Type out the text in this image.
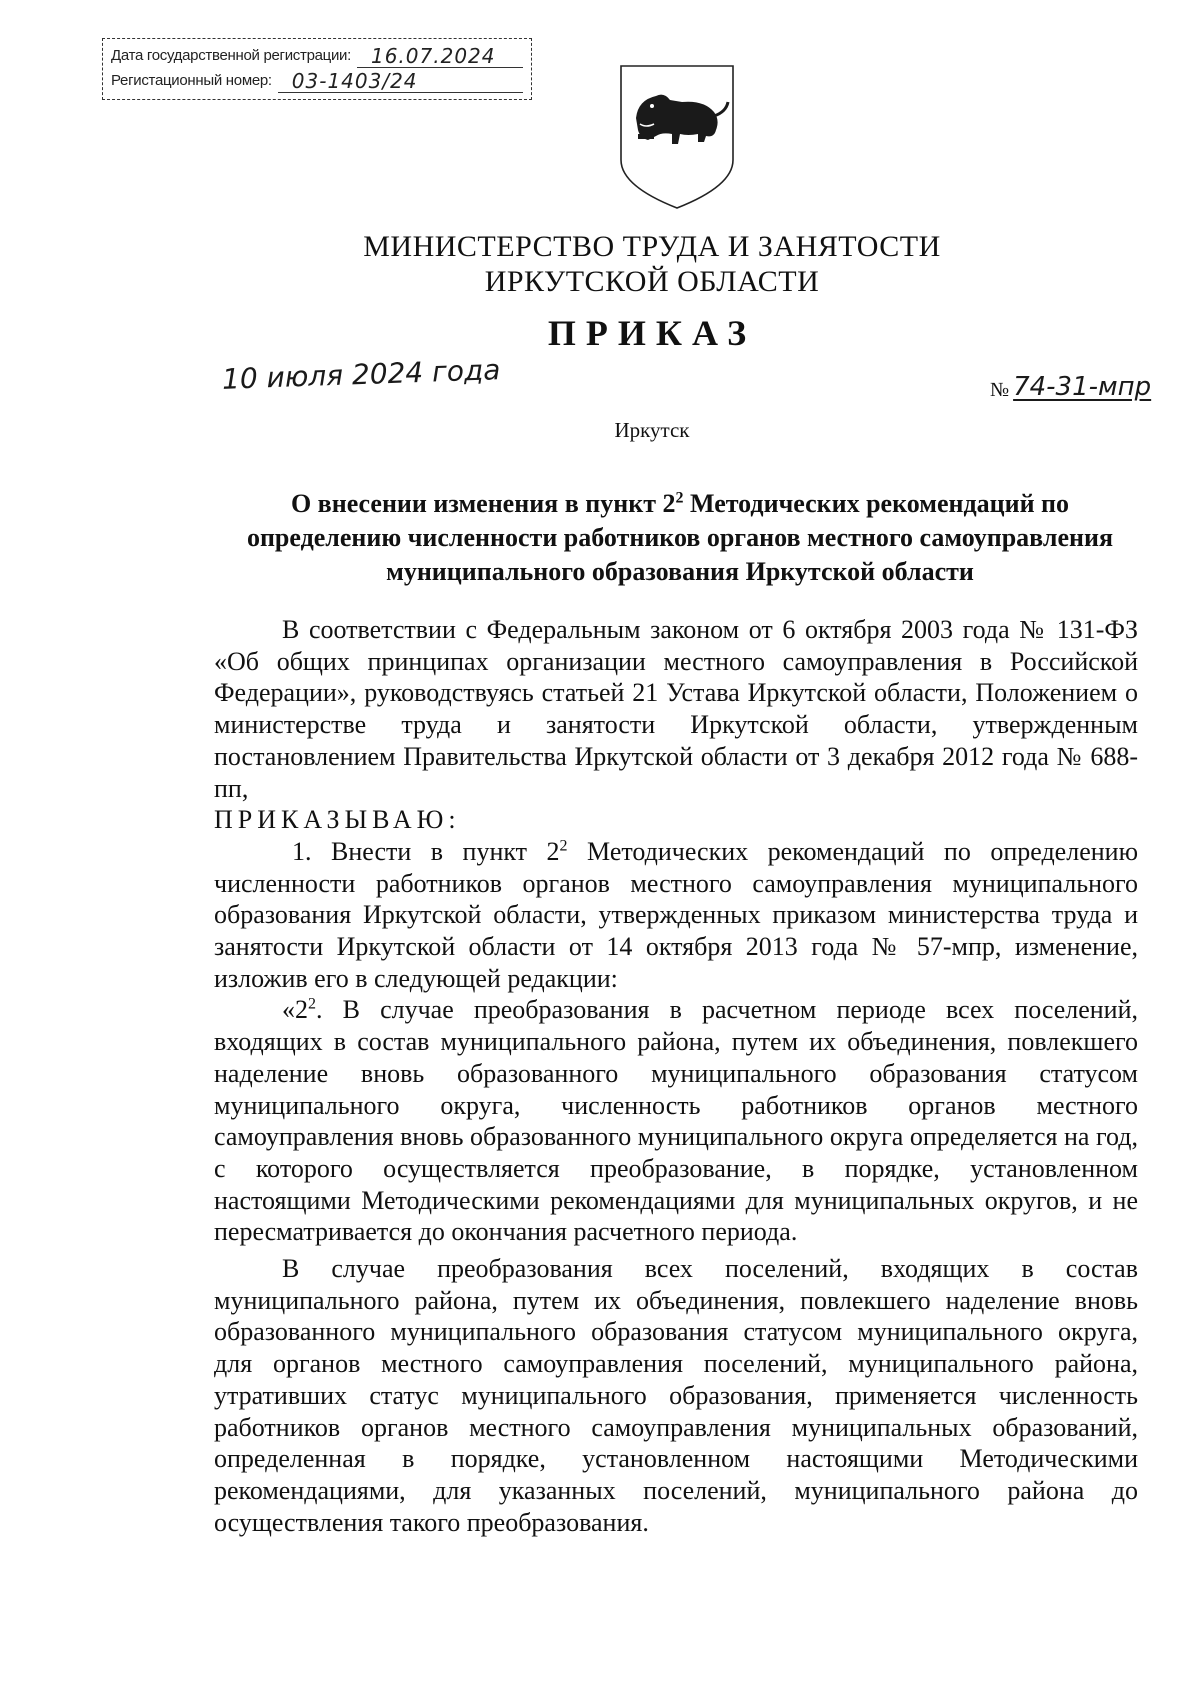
Дата государственной регистрации:	16.07.2024
Регистационный номер:	03-1403/24
МИНИСТЕРСТВО ТРУДА И ЗАНЯТОСТИ
ИРКУТСКОЙ ОБЛАСТИ
ПРИКАЗ
10 июля 2024 года	№ 74-31-мпр
Иркутск
О внесении изменения в пункт $2^2$ Методических рекомендаций по определению численности работников органов местного самоуправления муниципального образования Иркутской области

В соответствии с Федеральным законом от 6 октября 2003 года № 131-ФЗ «Об общих принципах организации местного самоуправления в Российской Федерации», руководствуясь статьей 21 Устава Иркутской области, Положением о министерстве труда и занятости Иркутской области, утвержденным постановлением Правительства Иркутской области от 3 декабря 2012 года № 688-пп,

ПРИКАЗЫВАЮ:

1. Внести в пункт $2^2$ Методических рекомендаций по определению численности работников органов местного самоуправления муниципального образования Иркутской области, утвержденных приказом министерства труда и занятости Иркутской области от 14 октября 2013 года № 57-мпр, изменение, изложив его в следующей редакции:

«$2^2$. В случае преобразования в расчетном периоде всех поселений, входящих в состав муниципального района, путем их объединения, повлекшего наделение вновь образованного муниципального образования статусом муниципального округа, численность работников органов местного самоуправления вновь образованного муниципального округа определяется на год, с которого осуществляется преобразование, в порядке, установленном настоящими Методическими рекомендациями для муниципальных округов, и не пересматривается до окончания расчетного периода.

В случае преобразования всех поселений, входящих в состав муниципального района, путем их объединения, повлекшего наделение вновь образованного муниципального образования статусом муниципального округа, для органов местного самоуправления поселений, муниципального района, утративших статус муниципального образования, применяется численность работников органов местного самоуправления муниципальных образований, определенная в порядке, установленном настоящими Методическими рекомендациями, для указанных поселений, муниципального района до осуществления такого преобразования.
